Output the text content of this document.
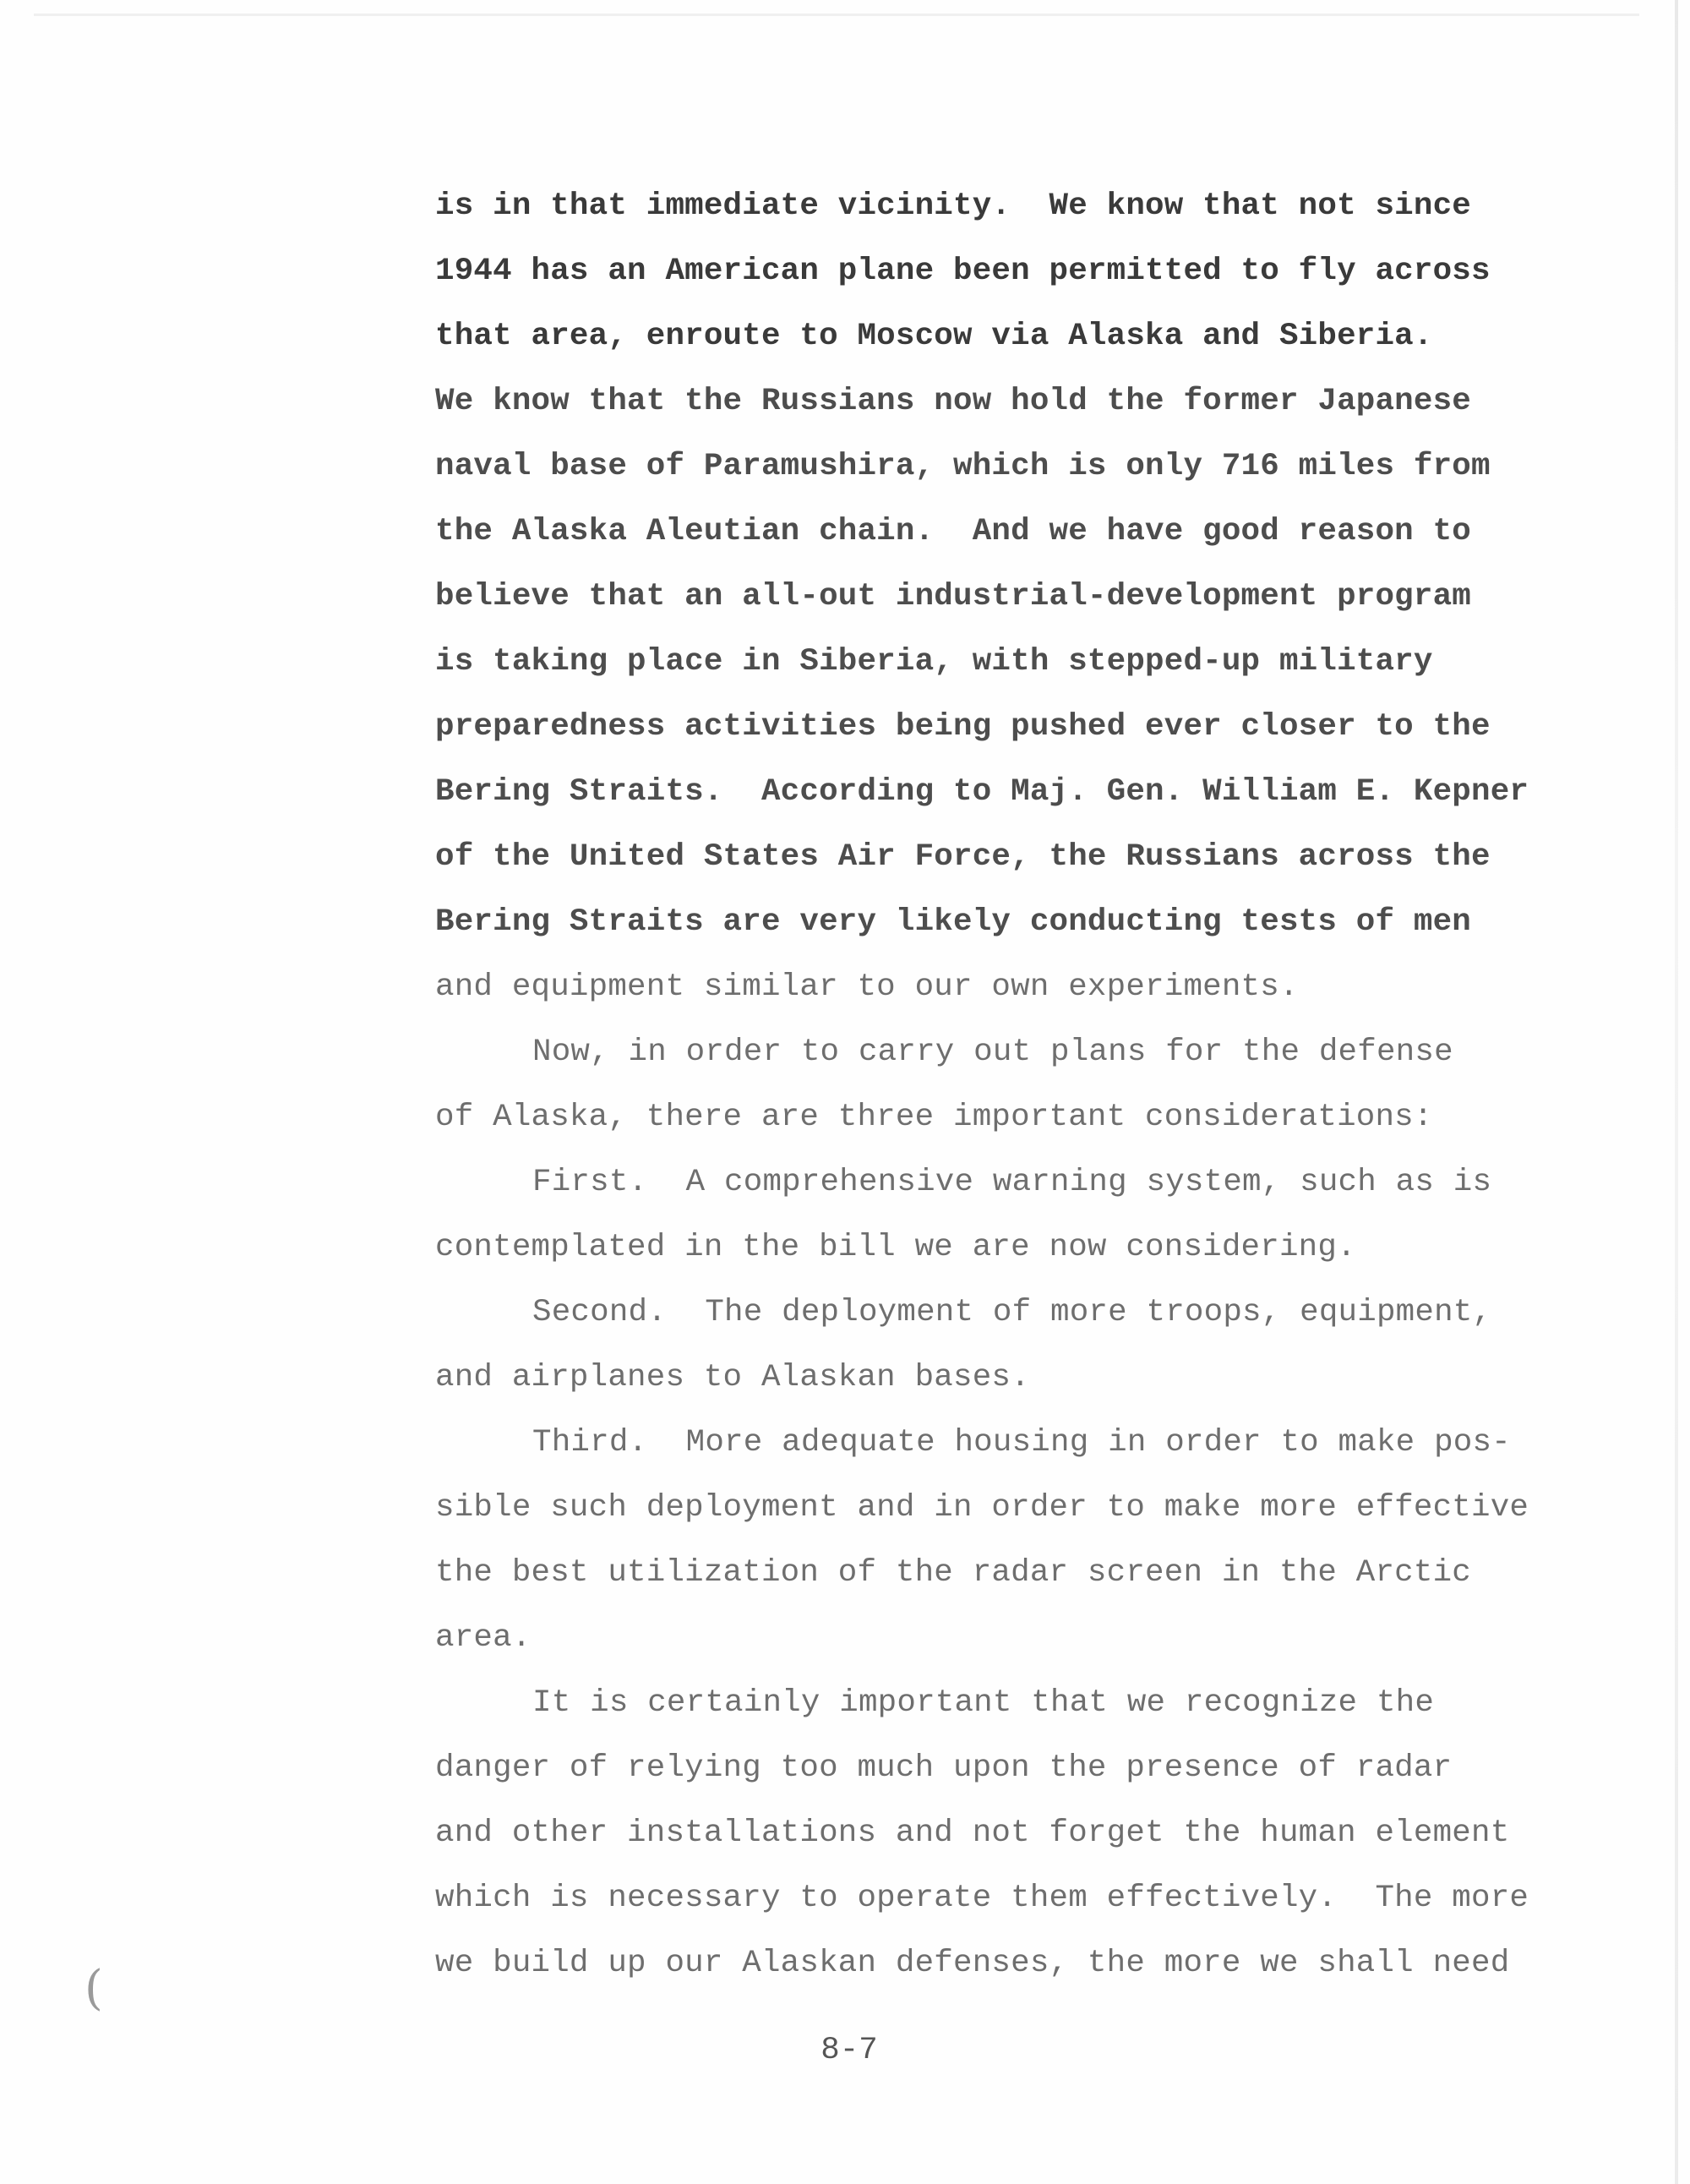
is in that immediate vicinity.  We know that not since
1944 has an American plane been permitted to fly across
that area, enroute to Moscow via Alaska and Siberia.
We know that the Russians now hold the former Japanese
naval base of Paramushira, which is only 716 miles from
the Alaska Aleutian chain.  And we have good reason to
believe that an all-out industrial-development program
is taking place in Siberia, with stepped-up military
preparedness activities being pushed ever closer to the
Bering Straits.  According to Maj. Gen. William E. Kepner
of the United States Air Force, the Russians across the
Bering Straits are very likely conducting tests of men
and equipment similar to our own experiments.
Now, in order to carry out plans for the defense
of Alaska, there are three important considerations:
First.  A comprehensive warning system, such as is
contemplated in the bill we are now considering.
Second.  The deployment of more troops, equipment,
and airplanes to Alaskan bases.
Third.  More adequate housing in order to make pos-
sible such deployment and in order to make more effective
the best utilization of the radar screen in the Arctic
area.
It is certainly important that we recognize the
danger of relying too much upon the presence of radar
and other installations and not forget the human element
which is necessary to operate them effectively.  The more
we build up our Alaskan defenses, the more we shall need
8-7
(
